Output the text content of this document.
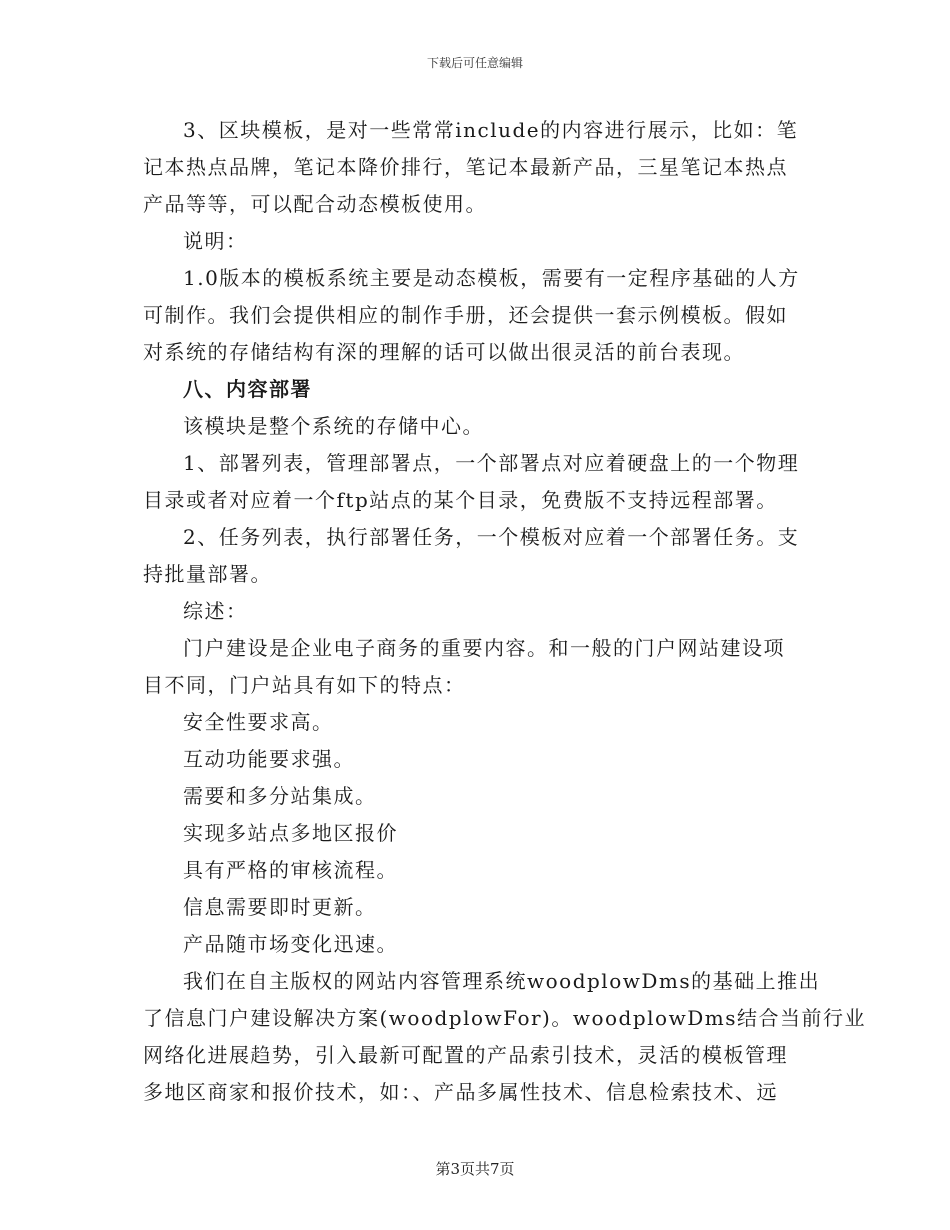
下载后可任意编辑

3、区块模板，是对一些常常include的内容进行展示，比如：笔
记本热点品牌，笔记本降价排行，笔记本最新产品，三星笔记本热点
产品等等，可以配合动态模板使用。

说明：

1.0版本的模板系统主要是动态模板，需要有一定程序基础的人方
可制作。我们会提供相应的制作手册，还会提供一套示例模板。假如
对系统的存储结构有深的理解的话可以做出很灵活的前台表现。

八、内容部署

该模块是整个系统的存储中心。

1、部署列表，管理部署点，一个部署点对应着硬盘上的一个物理
目录或者对应着一个ftp站点的某个目录，免费版不支持远程部署。

2、任务列表，执行部署任务，一个模板对应着一个部署任务。支
持批量部署。

综述：

门户建设是企业电子商务的重要内容。和一般的门户网站建设项
目不同，门户站具有如下的特点：

安全性要求高。

互动功能要求强。

需要和多分站集成。

实现多站点多地区报价

具有严格的审核流程。

信息需要即时更新。

产品随市场变化迅速。

我们在自主版权的网站内容管理系统woodplowDms的基础上推出
了信息门户建设解决方案(woodplowFor)。woodplowDms结合当前行业
网络化进展趋势，引入最新可配置的产品索引技术，灵活的模板管理
多地区商家和报价技术，如：、产品多属性技术、信息检索技术、远

第3页共7页
